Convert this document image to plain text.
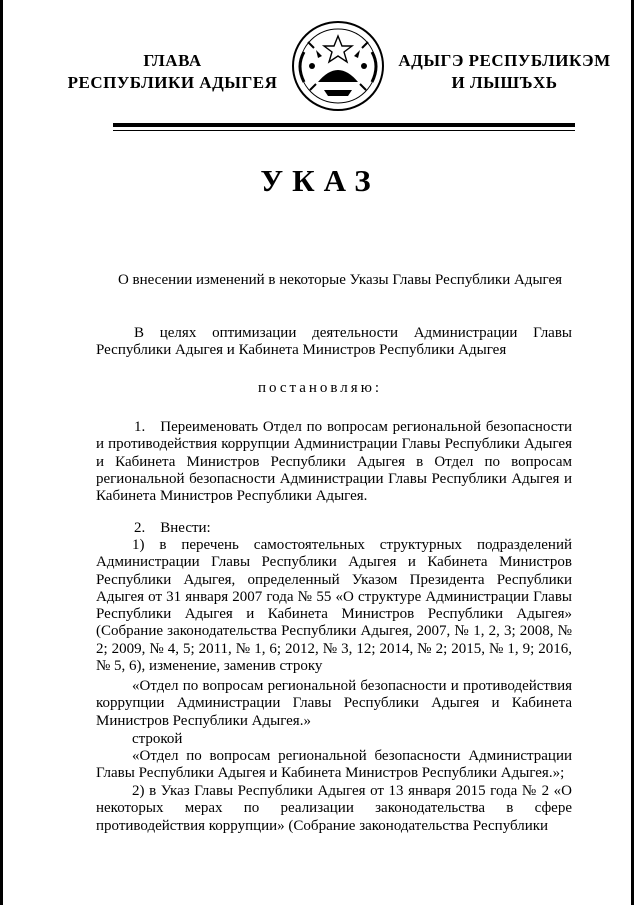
ГЛАВА
РЕСПУБЛИКИ АДЫГЕЯ
АДЫГЭ РЕСПУБЛИКЭМ
И ЛЫШЪХЬ
УКАЗ
О внесении изменений в некоторые Указы Главы Республики Адыгея

В целях оптимизации деятельности Администрации Главы Республики Адыгея и Кабинета Министров Республики Адыгея

постановляю:

1. Переименовать Отдел по вопросам региональной безопасности и противодействия коррупции Администрации Главы Республики Адыгея и Кабинета Министров Республики Адыгея в Отдел по вопросам региональной безопасности Администрации Главы Республики Адыгея и Кабинета Министров Республики Адыгея.

2. Внести:

1) в перечень самостоятельных структурных подразделений Администрации Главы Республики Адыгея и Кабинета Министров Республики Адыгея, определенный Указом Президента Республики Адыгея от 31 января 2007 года № 55 «О структуре Администрации Главы Республики Адыгея и Кабинета Министров Республики Адыгея» (Собрание законодательства Республики Адыгея, 2007, № 1, 2, 3; 2008, № 2; 2009, № 4, 5; 2011, № 1, 6; 2012, № 3, 12; 2014, № 2; 2015, № 1, 9; 2016, № 5, 6), изменение, заменив строку

«Отдел по вопросам региональной безопасности и противодействия коррупции Администрации Главы Республики Адыгея и Кабинета Министров Республики Адыгея.»

строкой

«Отдел по вопросам региональной безопасности Администрации Главы Республики Адыгея и Кабинета Министров Республики Адыгея.»;

2) в Указ Главы Республики Адыгея от 13 января 2015 года № 2 «О некоторых мерах по реализации законодательства в сфере противодействия коррупции» (Собрание законодательства Республики
